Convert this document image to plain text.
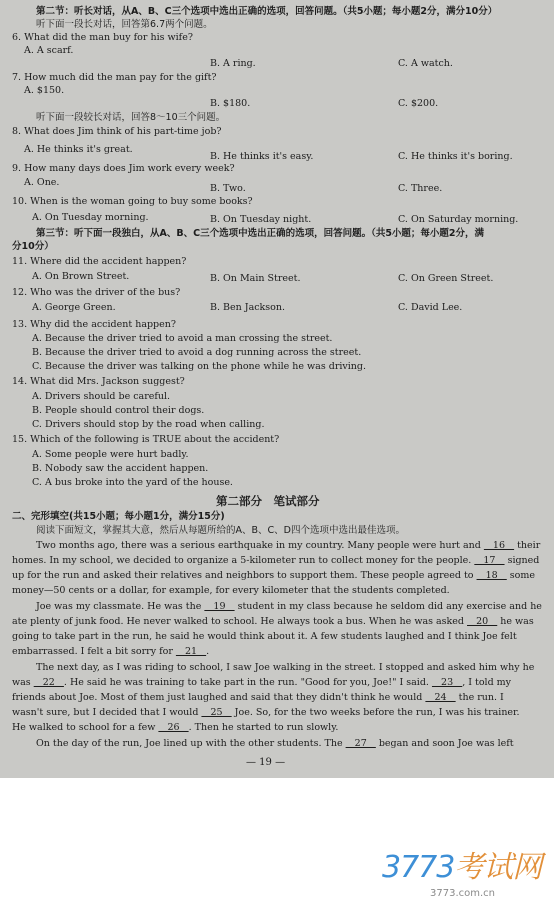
第二节：听长对话，从A、B、C三个选项中选出正确的选项，回答问题。（共5小题；每小题2分，满分10分）
听下面一段长对话，回答第6.7两个问题。
6. What did the man buy for his wife?
A. A scarf.
B. A ring.	C. A watch.
7. How much did the man pay for the gift?
A. $150.
B. $180.	C. $200.
听下面一段较长对话，回答8～10三个问题。
8. What does Jim think of his part-time job?
A. He thinks it's great.
B. He thinks it's easy.	C. He thinks it's boring.
9. How many days does Jim work every week?
A. One.
B. Two.	C. Three.
10. When is the woman going to buy some books?
A. On Tuesday morning.	B. On Tuesday night.	C. On Saturday morning.
第三节：听下面一段独白，从A、B、C三个选项中选出正确的选项，回答问题。（共5小题；每小题2分，满
分10分）
11. Where did the accident happen?
A. On Brown Street.	B. On Main Street.	C. On Green Street.
12. Who was the driver of the bus?
A. George Green.	B. Ben Jackson.	C. David Lee.
13. Why did the accident happen?
A. Because the driver tried to avoid a man crossing the street.
B. Because the driver tried to avoid a dog running across the street.
C. Because the driver was talking on the phone while he was driving.
14. What did Mrs. Jackson suggest?
A. Drivers should be careful.
B. People should control their dogs.
C. Drivers should stop by the road when calling.
15. Which of the following is TRUE about the accident?
A. Some people were hurt badly.
B. Nobody saw the accident happen.
C. A bus broke into the yard of the house.
第二部分　笔试部分
二、完形填空(共15小题；每小题1分，满分15分)
阅读下面短文，掌握其大意，然后从每题所给的A、B、C、D四个选项中选出最佳选项。
Two months ago, there was a serious earthquake in my country. Many people were hurt and    16    their
homes. In my school, we decided to organize a 5-kilometer run to collect money for the people.    17    signed
up for the run and asked their relatives and neighbors to support them. These people agreed to    18    some
money—50 cents or a dollar, for example, for every kilometer that the students completed.
Joe was my classmate. He was the    19    student in my class because he seldom did any exercise and he
ate plenty of junk food. He never walked to school. He always took a bus. When he was asked    20    he was
going to take part in the run, he said he would think about it. A few students laughed and I think Joe felt
embarrassed. I felt a bit sorry for    21   .
The next day, as I was riding to school, I saw Joe walking in the street. I stopped and asked him why he
was    22   . He said he was training to take part in the run. "Good for you, Joe!" I said.    23   , I told my
friends about Joe. Most of them just laughed and said that they didn't think he would    24    the run. I
wasn't sure, but I decided that I would    25    Joe. So, for the two weeks before the run, I was his trainer.
He walked to school for a few    26   . Then he started to run slowly.
On the day of the run, Joe lined up with the other students. The    27    began and soon Joe was left
— 19 —
3773考试网
3773.com.cn
